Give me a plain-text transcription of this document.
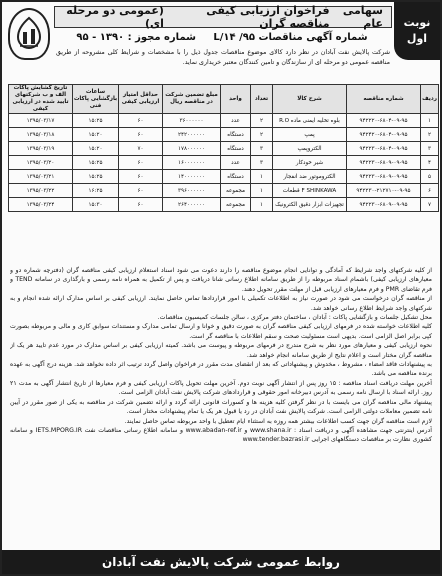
سهامی عام
فراخوان ارزیابی کیفی مناقصه گران
(عمومی دو مرحله ای)	نوبت
اول
شماره آگهی مناقصات ۹۵/ L/۱۴     شماره مجوز : ۱۳۹۰ - ۹۵

شرکت پالایش نفت آبادان در نظر دارد کالای موضوع مناقصات جدول ذیل را با مشخصات و شرایط کلی مشروحه از طریق مناقصه عمومی دو مرحله ای از سازندگان و تامین کنندگان معتبر خریداری نماید.

ردیف	شماره مناقصه	شرح کالا	تعداد	واحد	مبلغ تضمین شرکت در مناقصه ریال	حداقل امتیاز ارزیابی کیفی	ساعات بازگشایی پاکات فنی	تاریخ گشایش پاکات الف و ب شرکتهای تایید شده در ارزیابی کیفی
۱	۹۴۲۲۲۰-۶۸۰۴-۰۹-۹۵	بلوه تخلیه ایمنی ماده R.O	۲	عدد	۳۶۰۰۰۰۰۰	۶۰	۱۵:۲۵	۱۳۹۵/۰۳/۱۷
۲	۹۴۲۴۲۰-۶۸۰۴-۰۹-۹۵	پمپ	۲	دستگاه	۲۴۲۰۰۰۰۰۰	۶۰	۱۵:۲۰	۱۳۹۵/۰۳/۱۸
۳	۹۴۲۲۳۰-۶۸۰۴-۰۹-۹۵	الکتروپمپ	۳	دستگاه	۱۷۸۰۰۰۰۰۰	۷۰	۱۵:۲۰	۱۳۹۵/۰۳/۱۹
۴	۹۴۲۲۳۰-۶۸۰۹-۰۹-۹۵	شیر خودکار	۳	عدد	۱۶۰۰۰۰۰۰۰	۶۰	۱۵:۲۵	۱۳۹۵/۰۳/۲۰
۵	۹۴۲۲۳۰-۶۸۰۹-۰۹-۹۵	الکتروموتور ضد انفجار	۱	دستگاه	۱۴۰۰۰۰۰۰۰	۶۰	۱۵:۲۵	۱۳۹۵/۰۳/۲۱
۶	۹۴۲۲۳۰-۲۱۲۷۱۰-۰۹-۹۵	F SHINKAWA قطعات	۱	مجموعه	۳۹۶۰۰۰۰۰۰	۶۰	۱۶:۲۵	۱۳۹۵/۰۳/۲۲
۷	۹۴۲۲۳۰-۶۸۰۹-۰۹-۹۵	تجهیزات ابزار دقیق الکترونیک	۱	مجموعه	۲۶۴۰۰۰۰۰۰	۶۰	۱۵:۳۰	۱۳۹۵/۰۳/۲۴

از کلیه شرکتهای واجد شرایط که آمادگی و توانایی انجام موضوع مناقصه را دارند دعوت می شود اسناد استعلام ارزیابی کیفی مناقصه گران (دفترچه شماره دو و معیارهای ارزیابی کیفی) باشمام اسناد مربوطه را از طریق سامانه اطلاع رسانی شانا دریافت و پس از تکمیل به همراه نامه رسمی و بارگذاری در سامانه TEND و فرم تقاضای PMR و فرم معیارهای ارزیابی قبل از مهلت مقرر تحویل دهند.

از مناقصه گران درخواست می شود در صورت نیاز به اطلاعات تکمیلی با امور قراردادها تماس حاصل نمایند. ارزیابی کیفی بر اساس مدارک ارائه شده انجام و به شرکتهای واجد شرایط اطلاع رسانی خواهد شد.

محل تشکیل جلسات و بازگشایی پاکات : آبادان ، ساختمان دفتر مرکزی ، سالن جلسات کمیسیون مناقصات.

کلیه اطلاعات خواسته شده در فرمهای ارزیابی کیفی مناقصه گران به صورت دقیق و خوانا و ارسال تمامی مدارک و مستندات سوابق کاری و مالی و مربوطه بصورت کپی برابر اصل الزامی است. بدیهی است مسئولیت صحت و سقم اطلاعات با مناقصه گر است.

نحوه ارزیابی کیفی و معیارهای مورد نظر به شرح مندرج در فرمهای مربوطه و پیوست می باشد. کمیته ارزیابی کیفی بر اساس مدارک در مورد عدم تایید هر یک از مناقصه گران مختار است و اعلام نتایج از طریق سامانه انجام خواهد شد.

به پیشنهادات فاقد امضاء ، مشروط ، مخدوش و پیشنهاداتی که بعد از انقضای مدت مقرر در فراخوان واصل گردد ترتیب اثر داده نخواهد شد. هزینه درج آگهی به عهده برنده مناقصه می باشد.

آخرین مهلت دریافت اسناد مناقصه : ۱۵ روز پس از انتشار آگهی نوبت دوم. آخرین مهلت تحویل پاکات ارزیابی کیفی و فرم معیارها از تاریخ انتشار آگهی به مدت ۲۱ روز. ارائه اسناد با ارسال نامه رسمی به آدرس دبیرخانه امور حقوقی و قراردادهای شرکت پالایش نفت آبادان الزامی است.

پیشنهاد مالی مناقصه گران می بایست با در نظر گرفتن کلیه هزینه ها و کسورات قانونی ارائه گردد و ارائه تضمین شرکت در مناقصه به یکی از صور مقرر در آیین نامه تضمین معاملات دولتی الزامی است. شرکت پالایش نفت آبادان در رد یا قبول هر یک یا تمام پیشنهادات مختار است.

لازم است مناقصه گران جهت کسب اطلاعات بیشتر همه روزه به استثناء ایام تعطیل با واحد مربوطه تماس حاصل نمایند.

آدرس اینترنتی جهت مشاهده آگهی و دریافت اسناد : www.shana.ir و www.abadan-ref.ir و سامانه اطلاع رسانی مناقصات نفت IETS.MPORG.IR و سامانه کشوری نظارت بر مناقصات دستگاههای اجرایی www.tender.bazrasi.ir

روابط عمومی شرکت پالایش نفت آبادان
